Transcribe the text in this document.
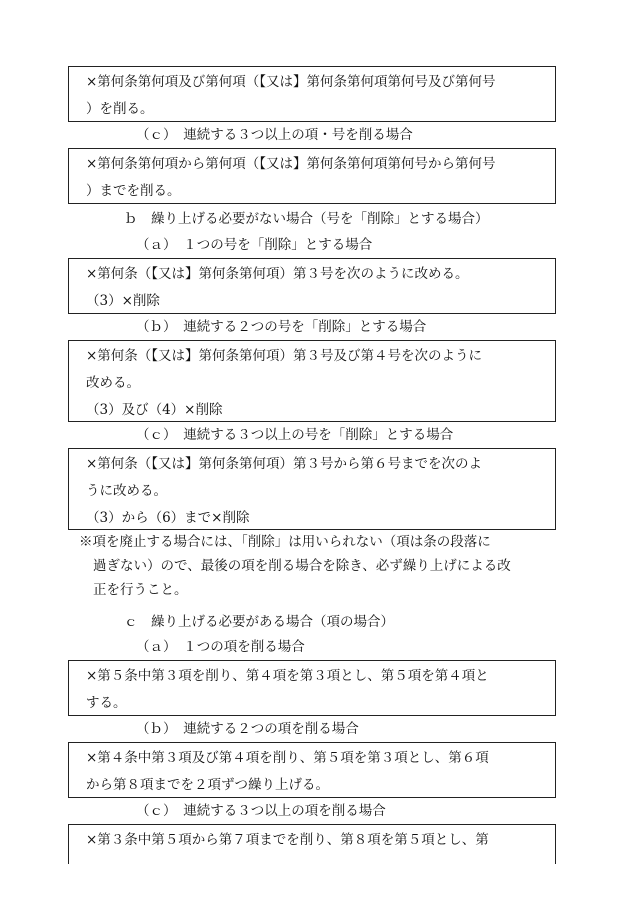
×第何条第何項及び第何項（【又は】第何条第何項第何号及び第何号
）を削る。
（ｃ）　連続する３つ以上の項・号を削る場合
×第何条第何項から第何項（【又は】第何条第何項第何号から第何号
）までを削る。
ｂ　繰り上げる必要がない場合（号を「削除」とする場合）
（ａ）　１つの号を「削除」とする場合
×第何条（【又は】第何条第何項）第３号を次のように改める。
（3）×削除
（ｂ）　連続する２つの号を「削除」とする場合
×第何条（【又は】第何条第何項）第３号及び第４号を次のように
改める。
（3）及び（4）×削除
（ｃ）　連続する３つ以上の号を「削除」とする場合
×第何条（【又は】第何条第何項）第３号から第６号までを次のよ
うに改める。
（3）から（6）まで×削除
※項を廃止する場合には、「削除」は用いられない（項は条の段落に
過ぎない）ので、最後の項を削る場合を除き、必ず繰り上げによる改
正を行うこと。
ｃ　繰り上げる必要がある場合（項の場合）
（ａ）　１つの項を削る場合
×第５条中第３項を削り、第４項を第３項とし、第５項を第４項と
する。
（ｂ）　連続する２つの項を削る場合
×第４条中第３項及び第４項を削り、第５項を第３項とし、第６項
から第８項までを２項ずつ繰り上げる。
（ｃ）　連続する３つ以上の項を削る場合
×第３条中第５項から第７項までを削り、第８項を第５項とし、第
